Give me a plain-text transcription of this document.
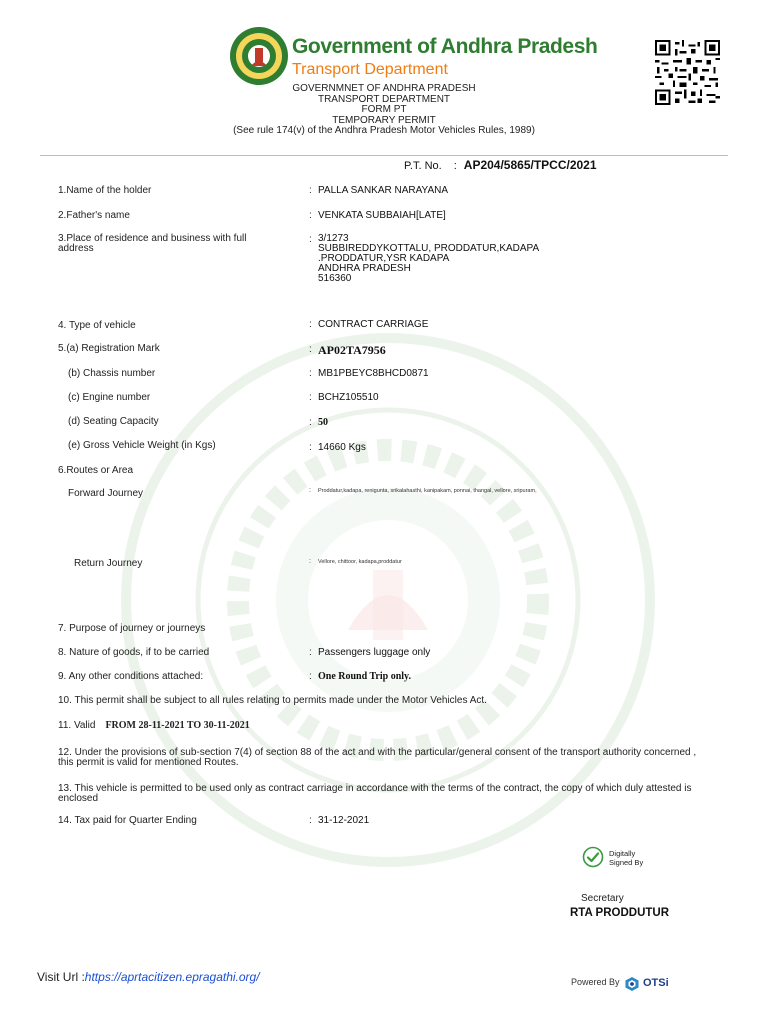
Government of Andhra Pradesh
Transport Department
GOVERNMNET OF ANDHRA PRADESH
TRANSPORT DEPARTMENT
FORM PT
TEMPORARY PERMIT
(See rule 174(v) of the Andhra Pradesh Motor Vehicles Rules, 1989)
P.T. No. : AP204/5865/TPCC/2021
1.Name of the holder	: PALLA SANKAR NARAYANA
2.Father's name	: VENKATA SUBBAIAH[LATE]
3.Place of residence and business with full
address
: 3/1273
SUBBIREDDYKOTTALU, PRODDATUR,KADAPA
.PRODDATUR,YSR KADAPA
ANDHRA PRADESH
516360
4. Type of vehicle	: CONTRACT CARRIAGE
5.(a) Registration Mark	: AP02TA7956
(b) Chassis number	: MB1PBEYC8BHCD0871
(c) Engine number	: BCHZ105510
(d) Seating Capacity	: 50
(e) Gross Vehicle Weight (in Kgs)	: 14660 Kgs
6.Routes or Area
Forward Journey	: Proddatur,kadapa, renigunta, srikalahasthi, kanipakam, ponnai, thangal, vellore, sripuram,
Return Journey	: Vellore, chittoor, kadapa,proddatur
7. Purpose of journey or journeys
8. Nature of goods, if to be carried	: Passengers luggage only
9. Any other conditions attached:	: One Round Trip only.
10. This permit shall be subject to all rules relating to permits made under the Motor Vehicles Act.
11. Valid FROM 28-11-2021 TO 30-11-2021
12. Under the provisions of sub-section 7(4) of section 88 of the act and with the particular/general consent of the transport authority concerned ,
this permit is valid for mentioned Routes.
13. This vehicle is permitted to be used only as contract carriage in accordance with the terms of the contract, the copy of which duly attested is
enclosed
14. Tax paid for Quarter Ending	: 31-12-2021
Digitally
Signed By
Secretary
RTA PRODDUTUR
Visit Url :https://aprtacitizen.epragathi.org/	Powered By OTSi
